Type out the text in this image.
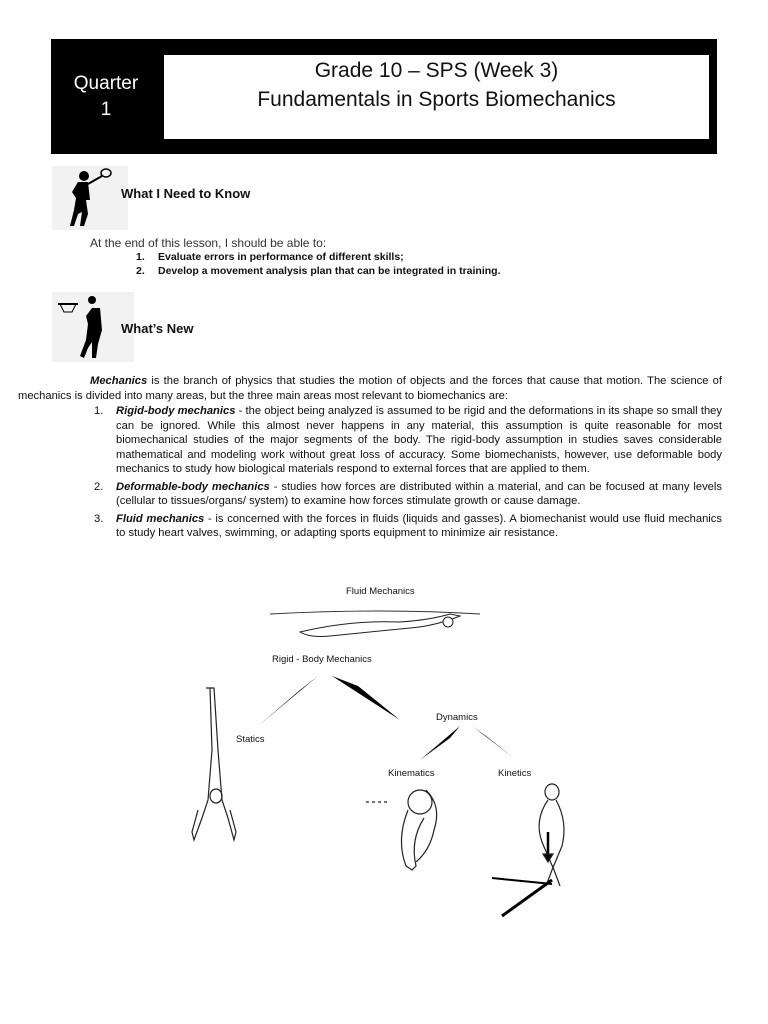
Quarter
1
Grade 10 – SPS (Week 3)
Fundamentals in Sports Biomechanics
What I Need to Know
At the end of this lesson, I should be able to:
1. Evaluate errors in performance of different skills;
2. Develop a movement analysis plan that can be integrated in training.
What’s New
Mechanics is the branch of physics that studies the motion of objects and the forces that cause that motion. The science of mechanics is divided into many areas, but the three main areas most relevant to biomechanics are:
1. Rigid-body mechanics - the object being analyzed is assumed to be rigid and the deformations in its shape so small they can be ignored. While this almost never happens in any material, this assumption is quite reasonable for most biomechanical studies of the major segments of the body. The rigid-body assumption in studies saves considerable mathematical and modeling work without great loss of accuracy. Some biomechanists, however, use deformable body mechanics to study how biological materials respond to external forces that are applied to them.
2. Deformable-body mechanics - studies how forces are distributed within a material, and can be focused at many levels (cellular to tissues/organs/ system) to examine how forces stimulate growth or cause damage.
3. Fluid mechanics - is concerned with the forces in fluids (liquids and gasses). A biomechanist would use fluid mechanics to study heart valves, swimming, or adapting sports equipment to minimize air resistance.
Fluid Mechanics
Rigid - Body Mechanics
Statics
Dynamics
Kinematics	Kinetics
